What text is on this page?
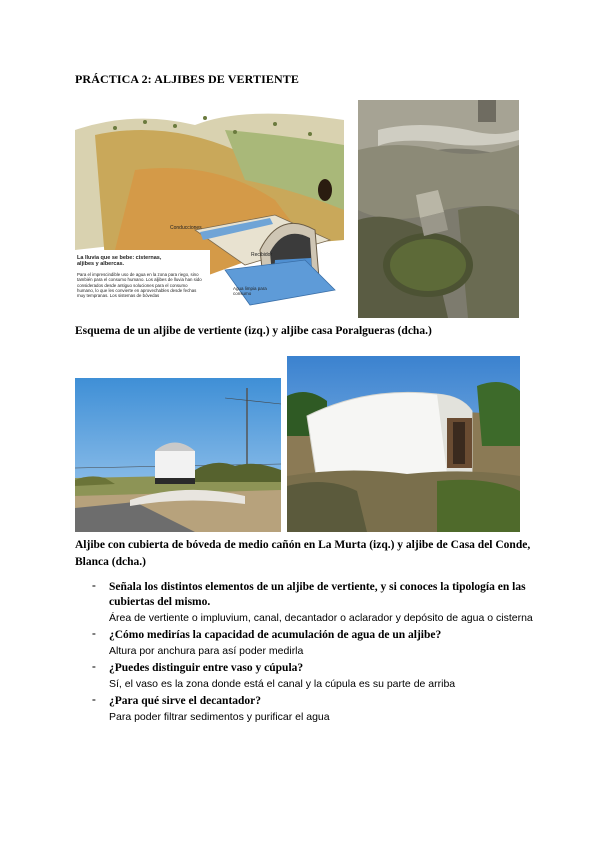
PRÁCTICA 2: ALJIBES DE VERTIENTE
Conducciones
Recibidor
Agua limpia para consumo
La lluvia que se bebe: cisternas, aljibes y albercas.
Para el imprescindible uso de agua en la zona para riego, sino también para el consumo humano. Los aljibes de lluvia han sido considerados desde antiguo soluciones para el consumo humano, lo que les convierte en aprovechables desde fechas muy tempranas. Los sistemas de bóvedas
Esquema de un aljibe de vertiente (izq.) y aljibe casa Poralgueras (dcha.)
Aljibe con cubierta de bóveda de medio cañón en La Murta (izq.) y aljibe de Casa del Conde, Blanca (dcha.)
- Señala los distintos elementos de un aljibe de vertiente, y si conoces la tipología en las cubiertas del mismo.
Área de vertiente o impluvium, canal, decantador o aclarador y depósito de agua o cisterna
- ¿Cómo medirías la capacidad de acumulación de agua de un aljibe?
Altura por anchura para así poder medirla
- ¿Puedes distinguir entre vaso y cúpula?
Sí, el vaso es la zona donde está el canal y la cúpula es su parte de arriba
- ¿Para qué sirve el decantador?
Para poder filtrar sedimentos y purificar el agua
